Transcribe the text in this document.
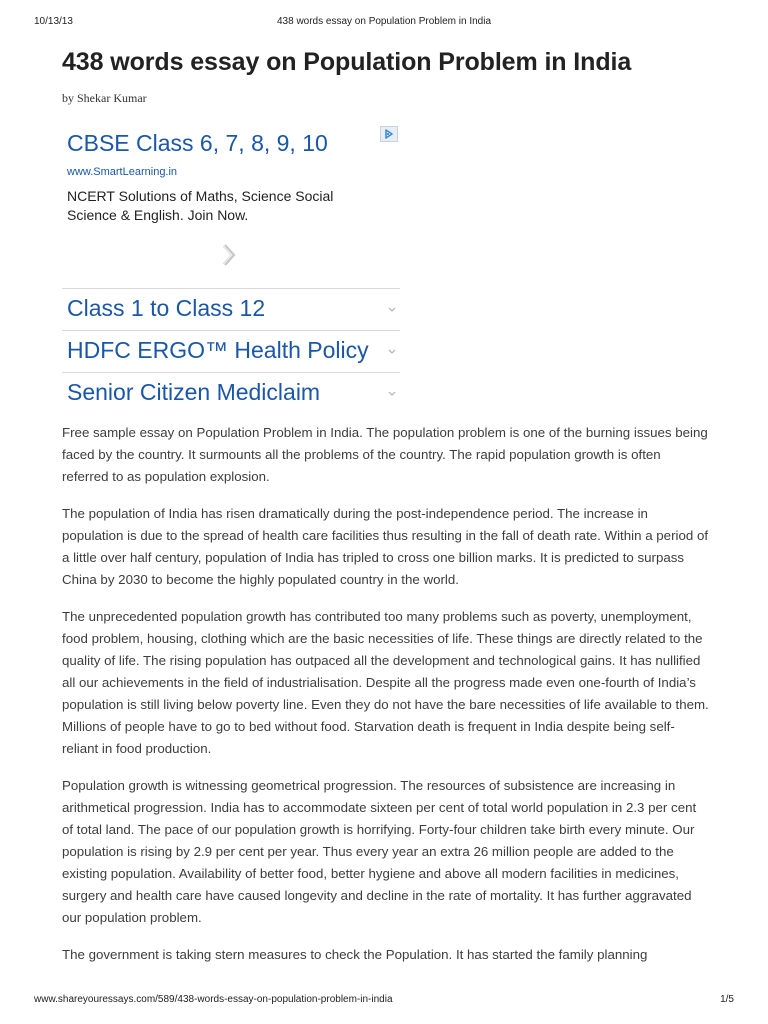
10/13/13	438 words essay on Population Problem in India
438 words essay on Population Problem in India
by Shekar Kumar
CBSE Class 6, 7, 8, 9, 10
www.SmartLearning.in
NCERT Solutions of Maths, Science Social Science & English. Join Now.
Class 1 to Class 12
HDFC ERGO™ Health Policy
Senior Citizen Mediclaim

Free sample essay on Population Problem in India. The population problem is one of the burning issues being faced by the country. It surmounts all the problems of the country. The rapid population growth is often referred to as population explosion.

The population of India has risen dramatically during the post-independence period. The increase in population is due to the spread of health care facilities thus resulting in the fall of death rate. Within a period of a little over half century, population of India has tripled to cross one billion marks. It is predicted to surpass China by 2030 to become the highly populated country in the world.

The unprecedented population growth has contributed too many problems such as poverty, unemployment, food problem, housing, clothing which are the basic necessities of life. These things are directly related to the quality of life. The rising population has outpaced all the development and technological gains. It has nullified all our achievements in the field of industrialisation. Despite all the progress made even one-fourth of India’s population is still living below poverty line. Even they do not have the bare necessities of life available to them. Millions of people have to go to bed without food. Starvation death is frequent in India despite being self-reliant in food production.

Population growth is witnessing geometrical progression. The resources of subsistence are increasing in arithmetical progression. India has to accommodate sixteen per cent of total world population in 2.3 per cent of total land. The pace of our population growth is horrifying. Forty-four children take birth every minute. Our population is rising by 2.9 per cent per year. Thus every year an extra 26 million people are added to the existing population. Availability of better food, better hygiene and above all modern facilities in medicines, surgery and health care have caused longevity and decline in the rate of mortality. It has further aggravated our population problem.

The government is taking stern measures to check the Population. It has started the family planning

www.shareyouressays.com/589/438-words-essay-on-population-problem-in-india	1/5
